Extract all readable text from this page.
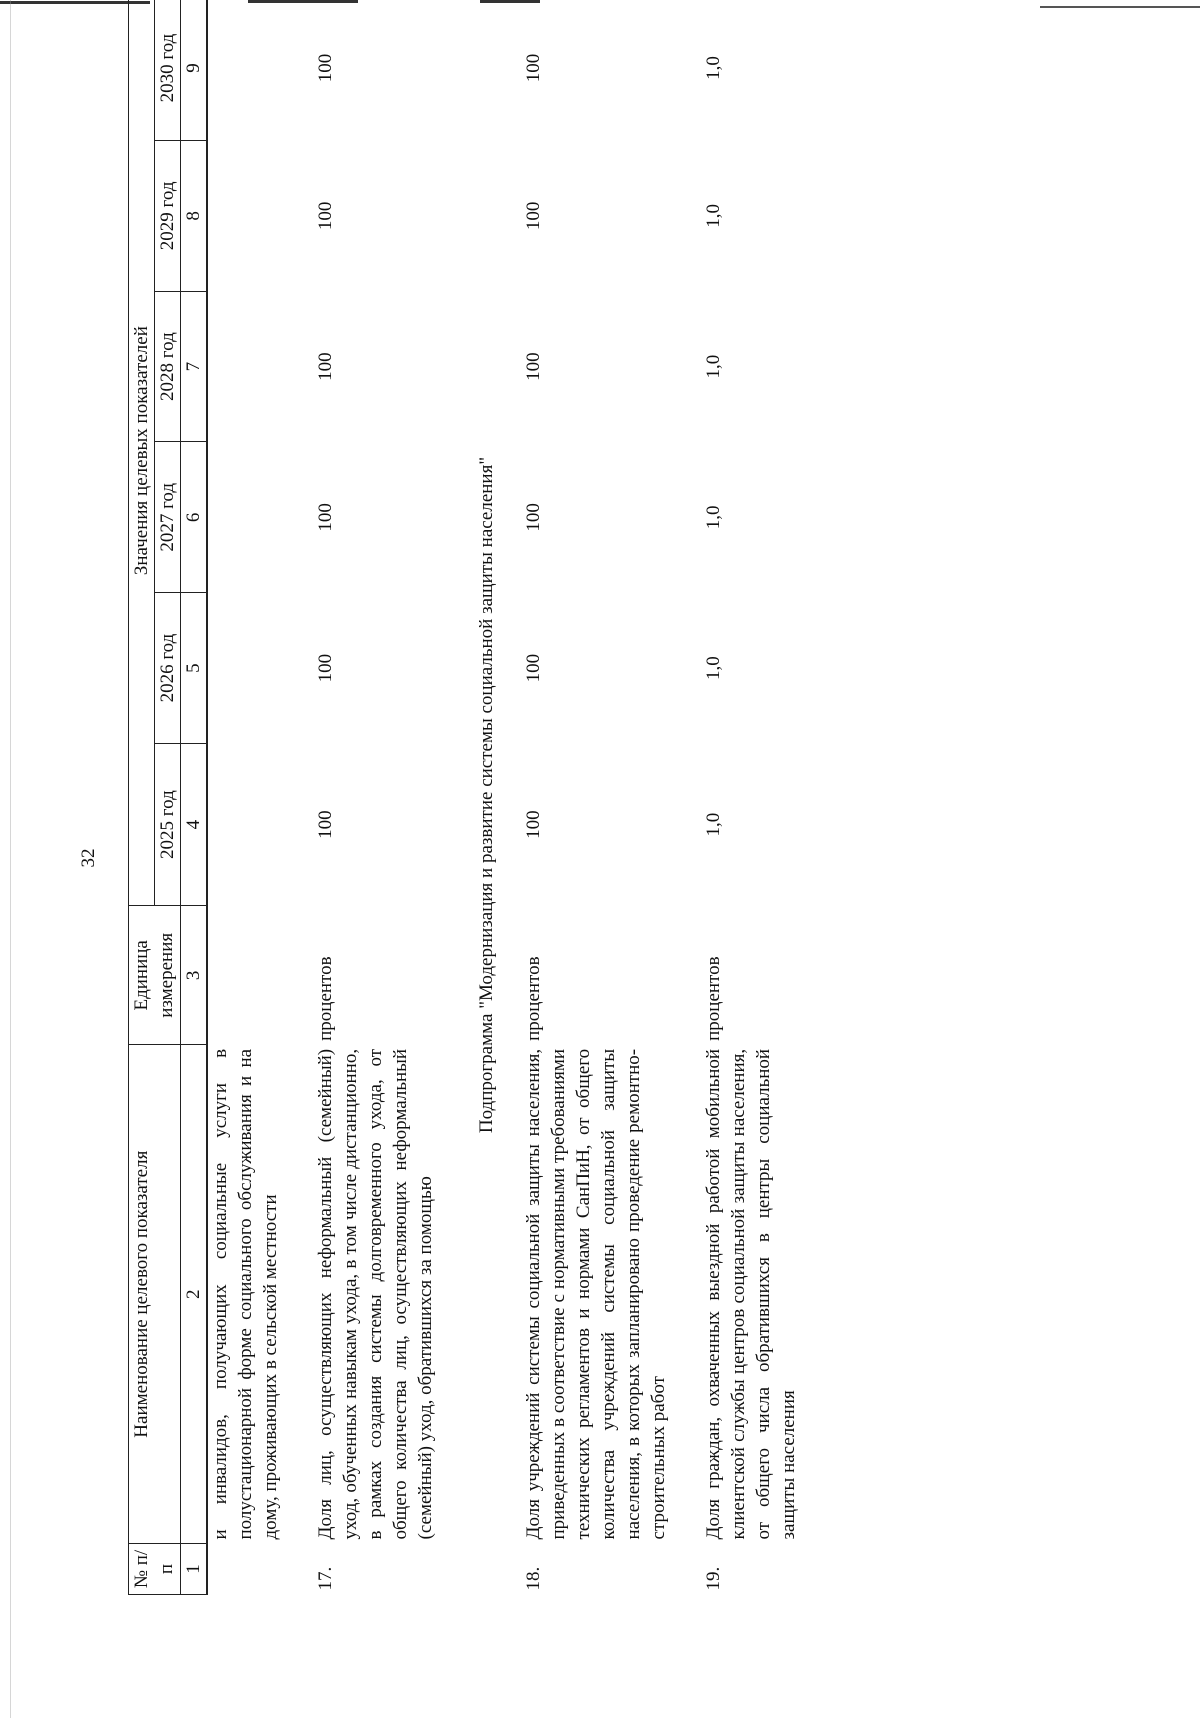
32
№ п/п	Наименование целевого показателя	Единица измерения	Значения целевых показателей					
			2025 год	2026 год	2027 год	2028 год	2029 год	2030 год
1	2	3	4	5	6	7	8	9
	и инвалидов, получающих социальные услуги в полустационарной форме социального обслуживания и на дому, проживающих в сельской местности							

17.	Доля лиц, осуществляющих неформальный (семейный) уход, обученных навыкам ухода, в том числе дистанционно, в рамках создания системы долговременного ухода, от общего количества лиц, осуществляющих неформальный (семейный) уход, обратившихся за помощью	процентов	100	100	100	100	100	100

Подпрограмма "Модернизация и развитие системы социальной защиты населения"								
18.	Доля учреждений системы социальной защиты населения, приведенных в соответствие с нормативными требованиями технических регламентов и нормами СанПиН, от общего количества учреждений системы социальной защиты населения, в которых запланировано проведение ремонтно-строительных работ	процентов	100	100	100	100	100	100

19.	Доля граждан, охваченных выездной работой мобильной клиентской службы центров социальной защиты населения, от общего числа обратившихся в центры социальной защиты населения	процентов	1,0	1,0	1,0	1,0	1,0	1,0
